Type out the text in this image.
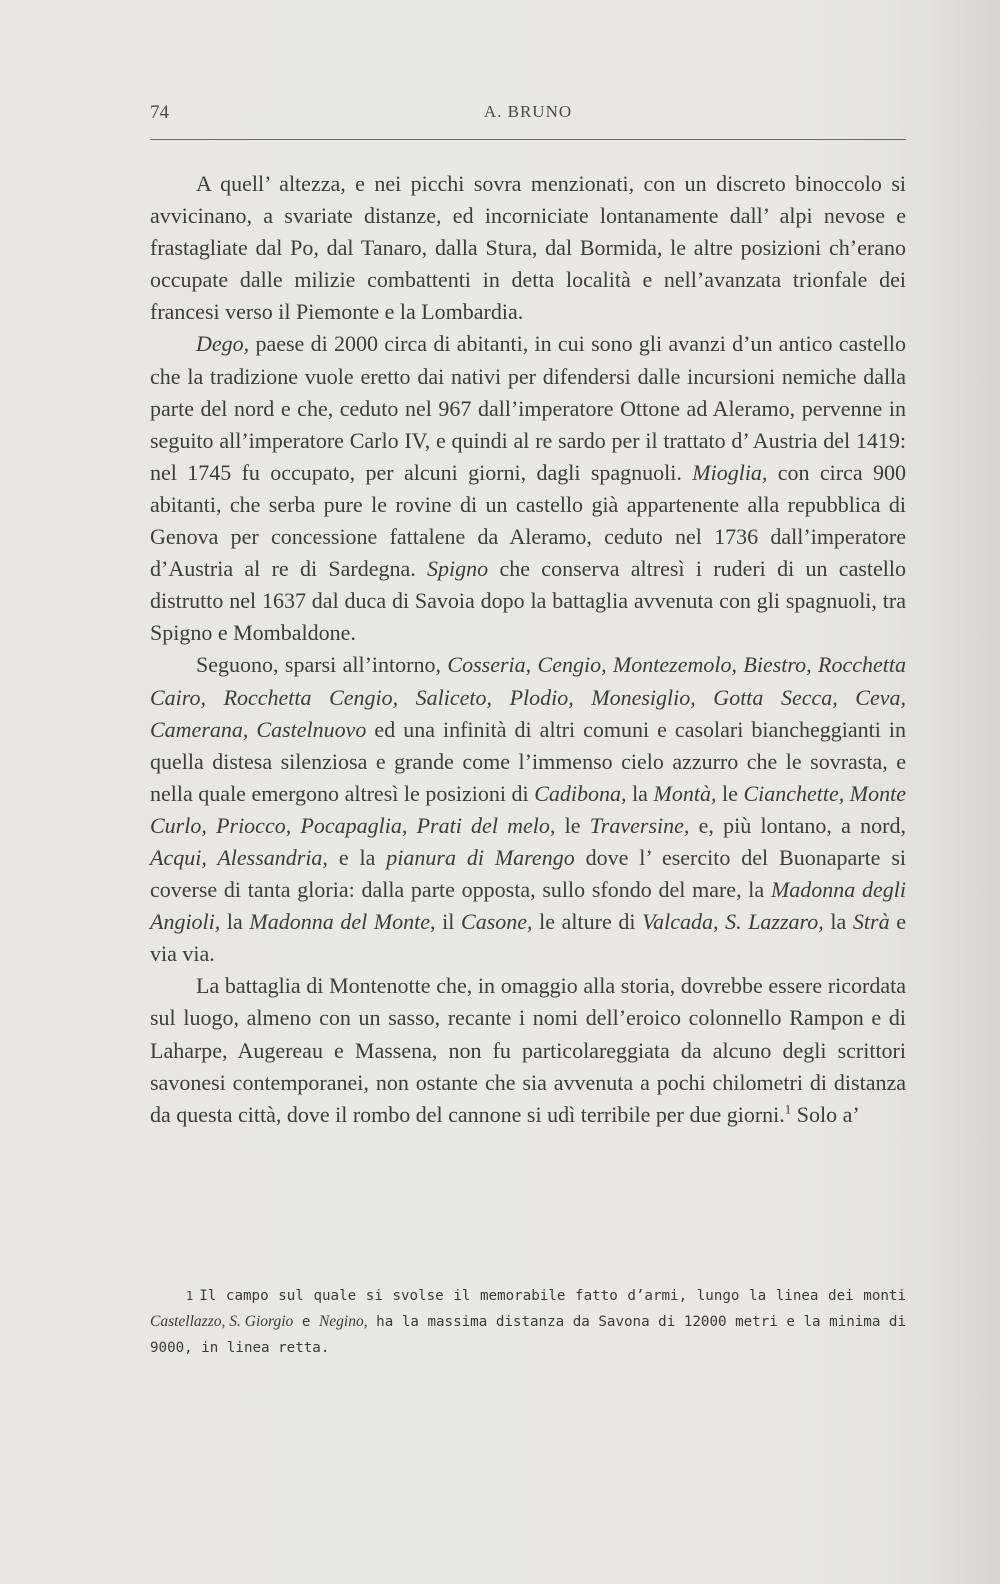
74	A. BRUNO

A quell’ altezza, e nei picchi sovra menzionati, con un discreto binoccolo si avvicinano, a svariate distanze, ed incorniciate lontanamente dall’ alpi nevose e frastagliate dal Po, dal Tanaro, dalla Stura, dal Bormida, le altre posizioni ch’erano occupate dalle milizie combattenti in detta località e nell’avanzata trionfale dei francesi verso il Piemonte e la Lombardia.

Dego, paese di 2000 circa di abitanti, in cui sono gli avanzi d’un antico castello che la tradizione vuole eretto dai nativi per difendersi dalle incursioni nemiche dalla parte del nord e che, ceduto nel 967 dall’imperatore Ottone ad Aleramo, pervenne in seguito all’imperatore Carlo IV, e quindi al re sardo per il trattato d’ Austria del 1419: nel 1745 fu occupato, per alcuni giorni, dagli spagnuoli. Mioglia, con circa 900 abitanti, che serba pure le rovine di un castello già appartenente alla repubblica di Genova per concessione fattalene da Aleramo, ceduto nel 1736 dall’imperatore d’Austria al re di Sardegna. Spigno che conserva altresì i ruderi di un castello distrutto nel 1637 dal duca di Savoia dopo la battaglia avvenuta con gli spagnuoli, tra Spigno e Mombaldone.

Seguono, sparsi all’intorno, Cosseria, Cengio, Montezemolo, Biestro, Rocchetta Cairo, Rocchetta Cengio, Saliceto, Plodio, Monesiglio, Gotta Secca, Ceva, Camerana, Castelnuovo ed una infinità di altri comuni e casolari biancheggianti in quella distesa silenziosa e grande come l’immenso cielo azzurro che le sovrasta, e nella quale emergono altresì le posizioni di Cadibona, la Montà, le Cianchette, Monte Curlo, Priocco, Pocapaglia, Prati del melo, le Traversine, e, più lontano, a nord, Acqui, Alessandria, e la pianura di Marengo dove l’ esercito del Buonaparte si coverse di tanta gloria: dalla parte opposta, sullo sfondo del mare, la Madonna degli Angioli, la Madonna del Monte, il Casone, le alture di Valcada, S. Lazzaro, la Strà e via via.

La battaglia di Montenotte che, in omaggio alla storia, dovrebbe essere ricordata sul luogo, almeno con un sasso, recante i nomi dell’eroico colonnello Rampon e di Laharpe, Augereau e Massena, non fu particolareggiata da alcuno degli scrittori savonesi contemporanei, non ostante che sia avvenuta a pochi chilometri di distanza da questa città, dove il rombo del cannone si udì terribile per due giorni.$^1$ Solo a’

1 Il campo sul quale si svolse il memorabile fatto d’armi, lungo la linea dei monti Castellazzo, S. Giorgio e Negino, ha la massima distanza da Savona di 12000 metri e la minima di 9000, in linea retta.
